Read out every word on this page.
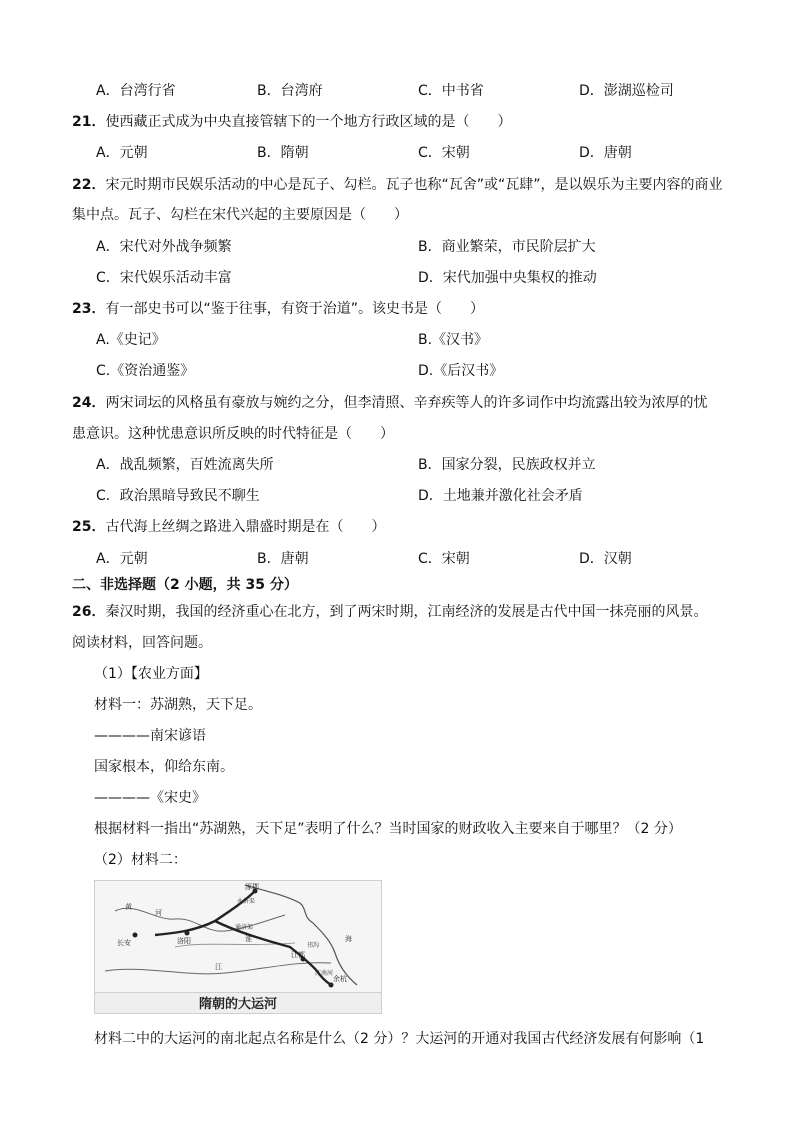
A．台湾行省	B．台湾府	C．中书省	D．澎湖巡检司
21．使西藏正式成为中央直接管辖下的一个地方行政区域的是（　　）
A．元朝	B．隋朝	C．宋朝	D．唐朝
22．宋元时期市民娱乐活动的中心是瓦子、勾栏。瓦子也称“瓦舍”或“瓦肆”，是以娱乐为主要内容的商业
集中点。瓦子、勾栏在宋代兴起的主要原因是（　　）
A．宋代对外战争频繁	B．商业繁荣，市民阶层扩大
C．宋代娱乐活动丰富	D．宋代加强中央集权的推动
23．有一部史书可以“鉴于往事，有资于治道”。该史书是（　　）
A.《史记》	B.《汉书》
C.《资治通鉴》	D.《后汉书》
24．两宋词坛的风格虽有豪放与婉约之分，但李清照、辛弃疾等人的许多词作中均流露出较为浓厚的忧
患意识。这种忧患意识所反映的时代特征是（　　）
A．战乱频繁，百姓流离失所	B．国家分裂，民族政权并立
C．政治黑暗导致民不聊生	D．土地兼并激化社会矛盾
25．古代海上丝绸之路进入鼎盛时期是在（　　）
A．元朝	B．唐朝	C．宋朝	D．汉朝
二、非选择题（2 小题，共 35 分）
26．秦汉时期，我国的经济重心在北方，到了两宋时期，江南经济的发展是古代中国一抹亮丽的风景。
阅读材料，回答问题。
（1）【农业方面】
材料一：苏湖熟，天下足。
————南宋谚语
国家根本，仰给东南。
————《宋史》
根据材料一指出“苏湖熟，天下足”表明了什么？当时国家的财政收入主要来自于哪里？（2 分）
（2）材料二：
涿郡
黄
河
长安	洛阳
江都
余杭
淮
江
通济渠
永济渠
邗沟
江南河
海
隋朝的大运河
材料二中的大运河的南北起点名称是什么（2 分）？大运河的开通对我国古代经济发展有何影响（1
